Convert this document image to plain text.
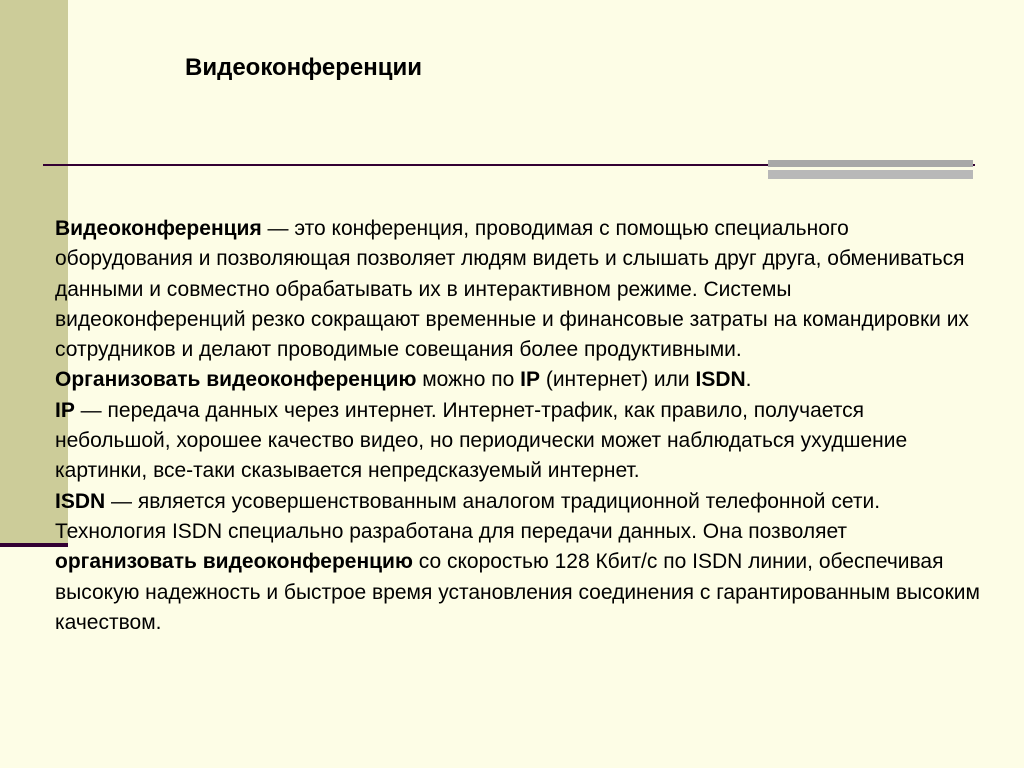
Видеоконференции

Видеоконференция — это конференция, проводимая с помощью специального оборудования и позволяющая позволяет людям видеть и слышать друг друга, обмениваться данными и совместно обрабатывать их в интерактивном режиме. Системы видеоконференций резко сокращают временные и финансовые затраты на командировки их сотрудников и делают проводимые совещания более продуктивными.

Организовать видеоконференцию можно по IP (интернет) или ISDN.

IP — передача данных через интернет. Интернет-трафик, как правило, получается небольшой, хорошее качество видео, но периодически может наблюдаться ухудшение картинки, все-таки сказывается непредсказуемый интернет.

ISDN — является усовершенствованным аналогом традиционной телефонной сети. Технология ISDN специально разработана для передачи данных. Она позволяет организовать видеоконференцию со скоростью 128 Кбит/с по ISDN линии, обеспечивая высокую надежность и быстрое время установления соединения с гарантированным высоким качеством.
